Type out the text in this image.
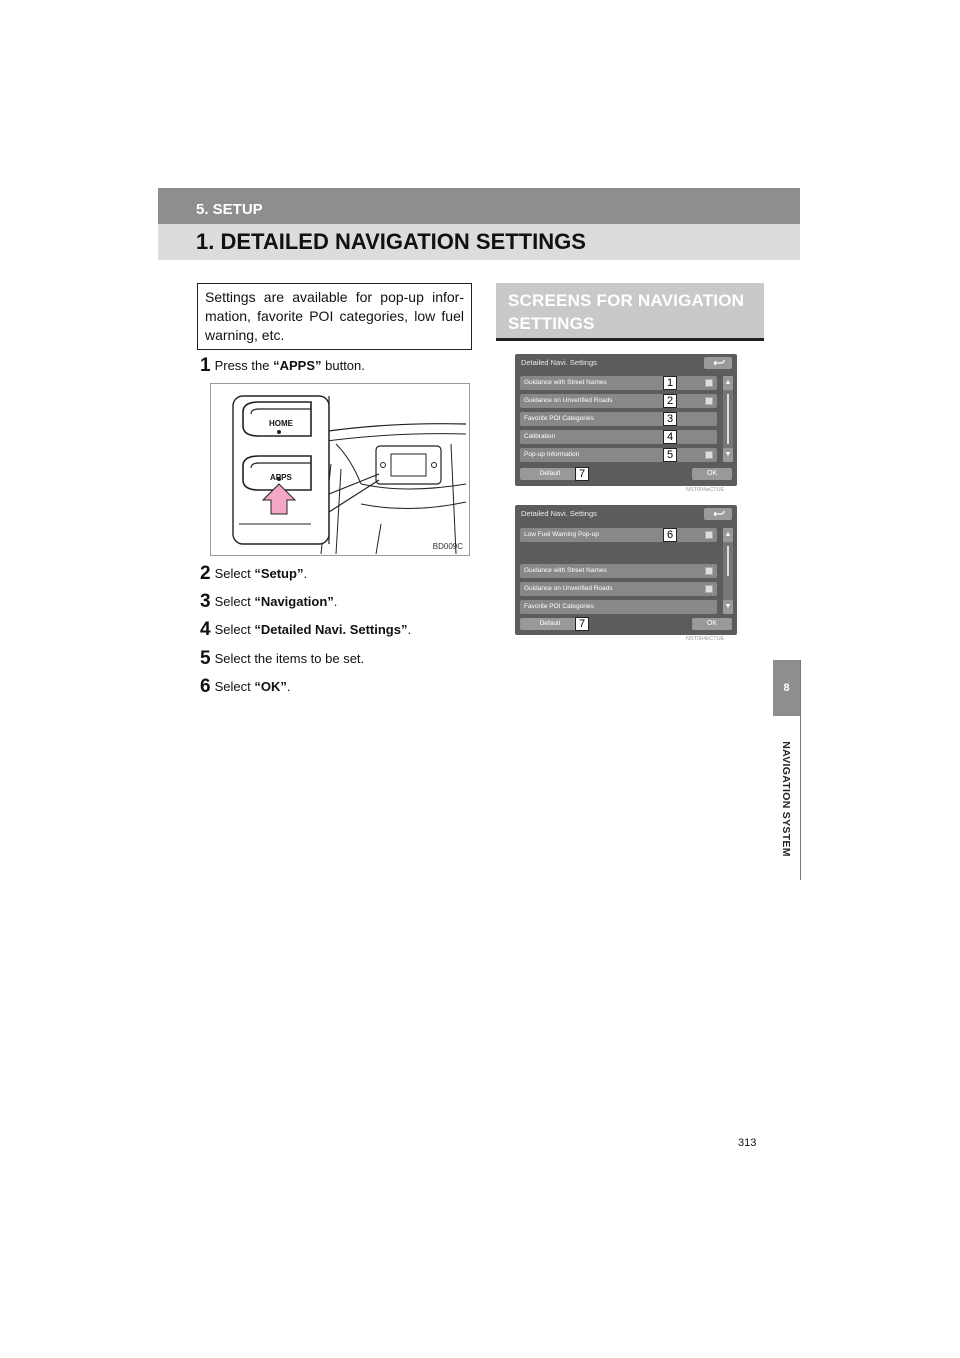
5. SETUP
1. DETAILED NAVIGATION SETTINGS
8
NAVIGATION SYSTEM
Settings are available for pop-up infor-mation, favorite POI categories, low fuel warning, etc.
1 Press the “APPS” button.
HOME
APPS
BD009C
2 Select “Setup”.
3 Select “Navigation”.
4 Select “Detailed Navi. Settings”.
5 Select the items to be set.
6 Select “OK”.
SCREENS FOR NAVIGATION SETTINGS
Detailed Navi. Settings
Guidance with Street Names	1
Guidance on Unverified Roads	2
Favorite POI Categories	3
Calibration	4
Pop-up Information	5
▲
▼
Default	7	OK
NST004aCTUE
Detailed Navi. Settings
Low Fuel Warning Pop-up	6
Guidance with Street Names
Guidance on Unverified Roads
Favorite POI Categories
▲
▼
Default	7	OK
NST004bCTUE
313
